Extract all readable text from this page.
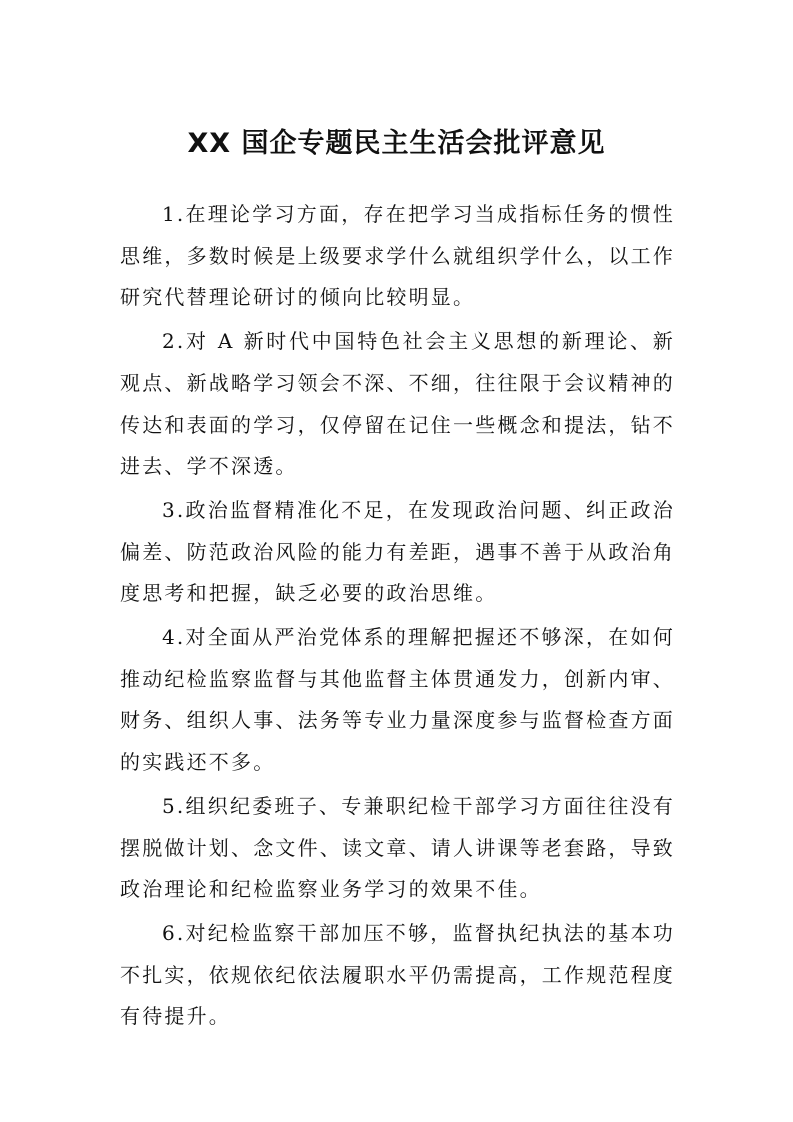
XX 国企专题民主生活会批评意见

1.在理论学习方面，存在把学习当成指标任务的惯性思维，多数时候是上级要求学什么就组织学什么，以工作研究代替理论研讨的倾向比较明显。

2.对 A 新时代中国特色社会主义思想的新理论、新观点、新战略学习领会不深、不细，往往限于会议精神的传达和表面的学习，仅停留在记住一些概念和提法，钻不进去、学不深透。

3.政治监督精准化不足，在发现政治问题、纠正政治偏差、防范政治风险的能力有差距，遇事不善于从政治角度思考和把握，缺乏必要的政治思维。

4.对全面从严治党体系的理解把握还不够深，在如何推动纪检监察监督与其他监督主体贯通发力，创新内审、财务、组织人事、法务等专业力量深度参与监督检查方面的实践还不多。

5.组织纪委班子、专兼职纪检干部学习方面往往没有摆脱做计划、念文件、读文章、请人讲课等老套路，导致政治理论和纪检监察业务学习的效果不佳。

6.对纪检监察干部加压不够，监督执纪执法的基本功不扎实，依规依纪依法履职水平仍需提高，工作规范程度有待提升。
